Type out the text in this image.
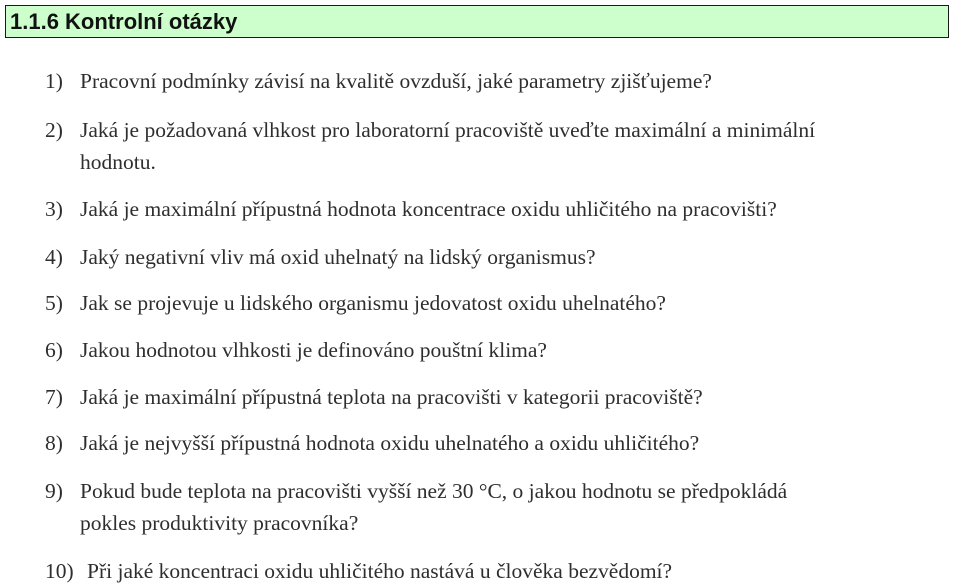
1.1.6 Kontrolní otázky
1) Pracovní podmínky závisí na kvalitě ovzduší, jaké parametry zjišťujeme?
2) Jaká je požadovaná vlhkost pro laboratorní pracoviště uveďte maximální a minimální
hodnotu.
3) Jaká je maximální přípustná hodnota koncentrace oxidu uhličitého na pracovišti?
4) Jaký negativní vliv má oxid uhelnatý na lidský organismus?
5) Jak se projevuje u lidského organismu jedovatost oxidu uhelnatého?
6) Jakou hodnotou vlhkosti je definováno pouštní klima?
7) Jaká je maximální přípustná teplota na pracovišti v kategorii pracoviště?
8) Jaká je nejvyšší přípustná hodnota oxidu uhelnatého a oxidu uhličitého?
9) Pokud bude teplota na pracovišti vyšší než 30 °C, o jakou hodnotu se předpokládá
pokles produktivity pracovníka?
10) Při jaké koncentraci oxidu uhličitého nastává u člověka bezvědomí?
